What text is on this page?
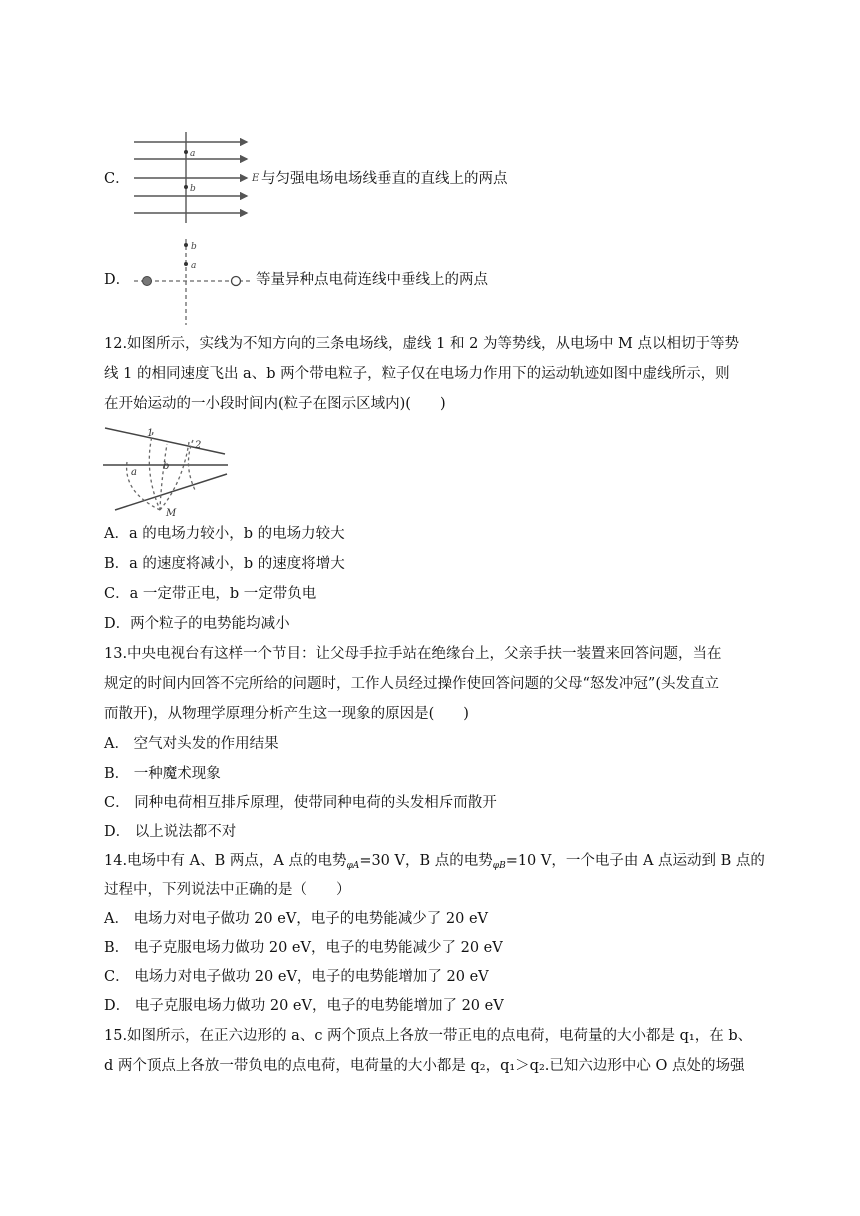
C．
a
b
E 与匀强电场电场线垂直的直线上的两点
D．
b
a
等量异种点电荷连线中垂线上的两点
12.如图所示，实线为不知方向的三条电场线，虚线 1 和 2 为等势线，从电场中 M 点以相切于等势
线 1 的相同速度飞出 a、b 两个带电粒子，粒子仅在电场力作用下的运动轨迹如图中虚线所示，则
在开始运动的一小段时间内(粒子在图示区域内)(　　)
1
2
a
b
M
A．a 的电场力较小，b 的电场力较大
B．a 的速度将减小，b 的速度将增大
C．a 一定带正电，b 一定带负电
D．两个粒子的电势能均减小
13.中央电视台有这样一个节目：让父母手拉手站在绝缘台上，父亲手扶一装置来回答问题，当在
规定的时间内回答不完所给的问题时，工作人员经过操作使回答问题的父母“怒发冲冠”(头发直立
而散开)，从物理学原理分析产生这一现象的原因是(　　)
A． 空气对头发的作用结果
B． 一种魔术现象
C． 同种电荷相互排斥原理，使带同种电荷的头发相斥而散开
D． 以上说法都不对
14.电场中有 A、B 两点，A 点的电势$_{\varphi A}$=30 V，B 点的电势$_{\varphi B}$=10 V，一个电子由 A 点运动到 B 点的
过程中，下列说法中正确的是（　　）
A． 电场力对电子做功 20 eV，电子的电势能减少了 20 eV
B． 电子克服电场力做功 20 eV，电子的电势能减少了 20 eV
C． 电场力对电子做功 20 eV，电子的电势能增加了 20 eV
D． 电子克服电场力做功 20 eV，电子的电势能增加了 20 eV
15.如图所示，在正六边形的 a、c 两个顶点上各放一带正电的点电荷，电荷量的大小都是 q₁，在 b、
d 两个顶点上各放一带负电的点电荷，电荷量的大小都是 q₂，q₁＞q₂.已知六边形中心 O 点处的场强
